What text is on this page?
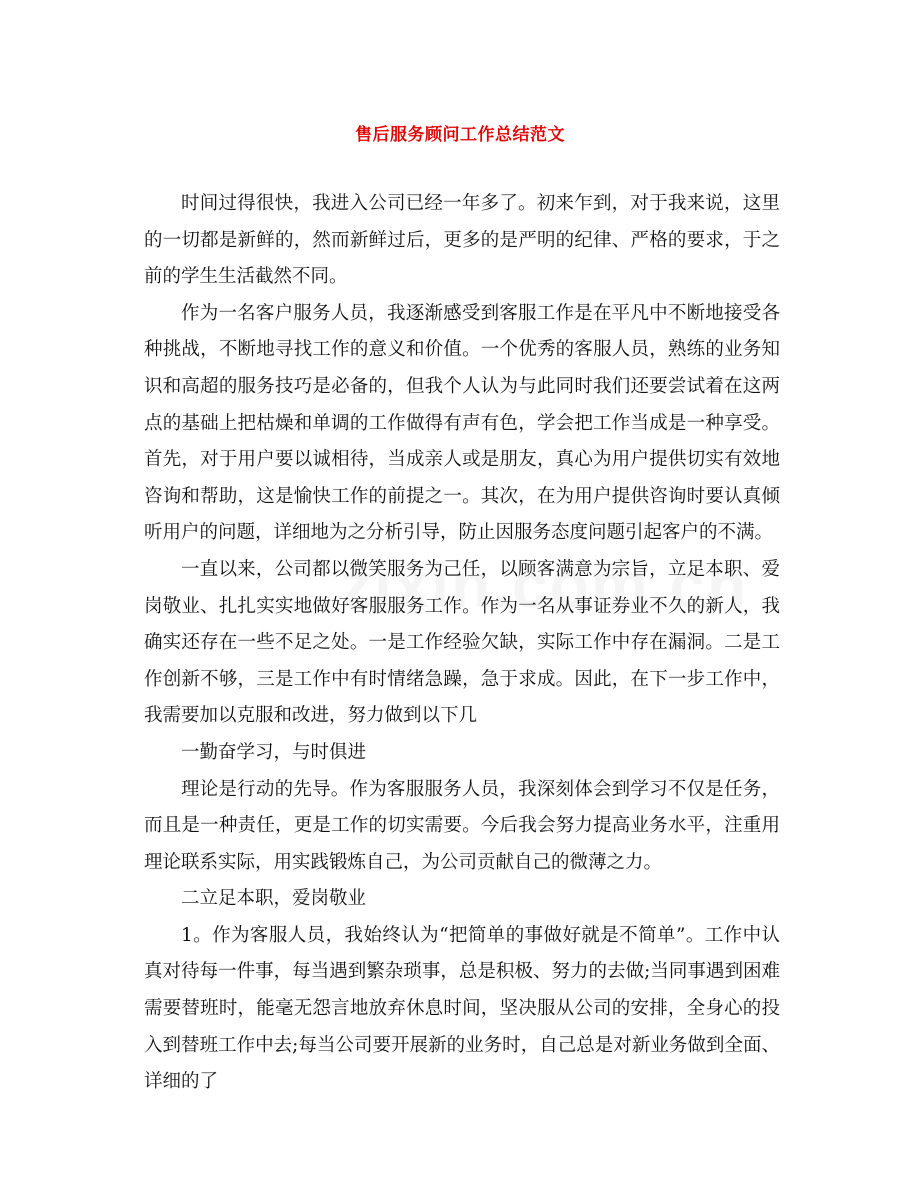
售后服务顾问工作总结范文

时间过得很快，我进入公司已经一年多了。初来乍到，对于我来说，这里的一切都是新鲜的，然而新鲜过后，更多的是严明的纪律、严格的要求，于之前的学生生活截然不同。

作为一名客户服务人员，我逐渐感受到客服工作是在平凡中不断地接受各种挑战，不断地寻找工作的意义和价值。一个优秀的客服人员，熟练的业务知识和高超的服务技巧是必备的，但我个人认为与此同时我们还要尝试着在这两点的基础上把枯燥和单调的工作做得有声有色，学会把工作当成是一种享受。首先，对于用户要以诚相待，当成亲人或是朋友，真心为用户提供切实有效地咨询和帮助，这是愉快工作的前提之一。其次，在为用户提供咨询时要认真倾听用户的问题，详细地为之分析引导，防止因服务态度问题引起客户的不满。

一直以来，公司都以微笑服务为己任，以顾客满意为宗旨，立足本职、爱岗敬业、扎扎实实地做好客服服务工作。作为一名从事证券业不久的新人，我确实还存在一些不足之处。一是工作经验欠缺，实际工作中存在漏洞。二是工作创新不够，三是工作中有时情绪急躁，急于求成。因此，在下一步工作中，我需要加以克服和改进，努力做到以下几

一勤奋学习，与时俱进

理论是行动的先导。作为客服服务人员，我深刻体会到学习不仅是任务，而且是一种责任，更是工作的切实需要。今后我会努力提高业务水平，注重用理论联系实际，用实践锻炼自己，为公司贡献自己的微薄之力。

二立足本职，爱岗敬业

1。作为客服人员，我始终认为“把简单的事做好就是不简单”。工作中认真对待每一件事，每当遇到繁杂琐事，总是积极、努力的去做;当同事遇到困难需要替班时，能毫无怨言地放弃休息时间，坚决服从公司的安排，全身心的投入到替班工作中去;每当公司要开展新的业务时，自己总是对新业务做到全面、详细的了
